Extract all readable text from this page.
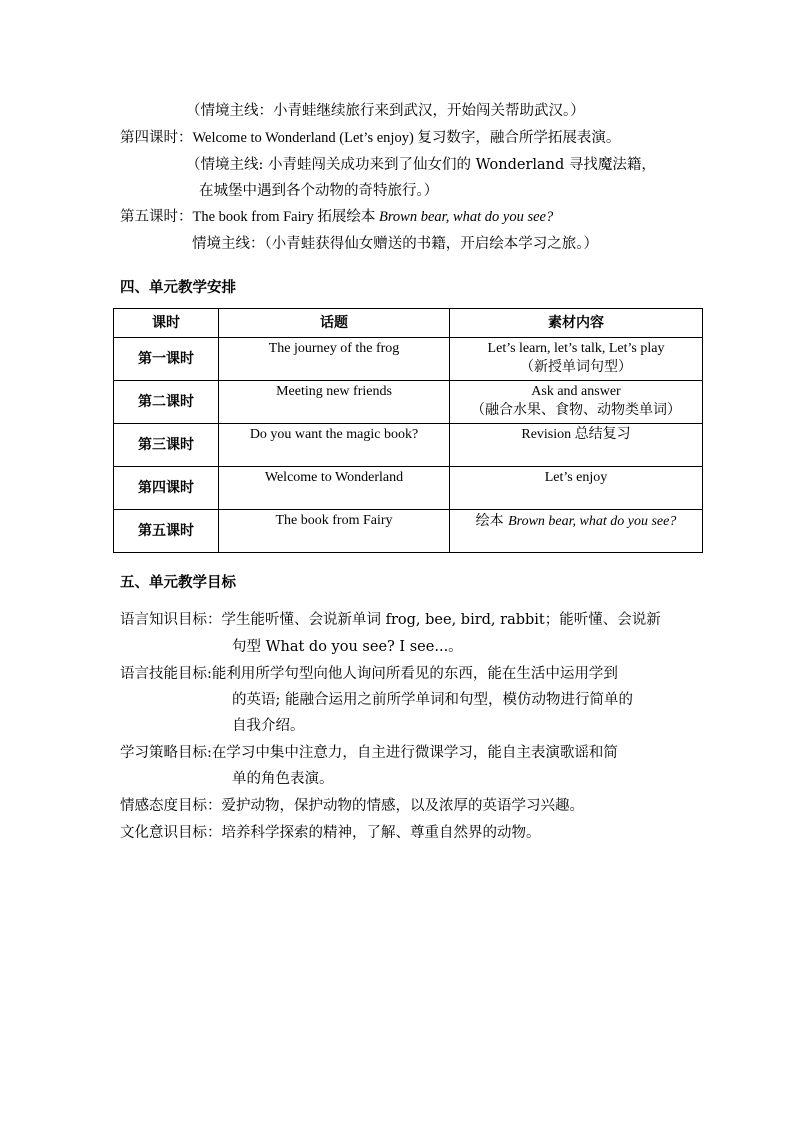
（情境主线：小青蛙继续旅行来到武汉，开始闯关帮助武汉。）
第四课时：Welcome to Wonderland (Let’s enjoy) 复习数字，融合所学拓展表演。
（情境主线: 小青蛙闯关成功来到了仙女们的 Wonderland 寻找魔法籍，
在城堡中遇到各个动物的奇特旅行。）
第五课时：The book from Fairy 拓展绘本 Brown bear, what do you see?
情境主线：（小青蛙获得仙女赠送的书籍，开启绘本学习之旅。）
四、单元教学安排
课时	话题	素材内容
第一课时	The journey of the frog	Let’s learn, let’s talk, Let’s play
（新授单词句型）

第二课时	Meeting new friends	Ask and answer
（融合水果、食物、动物类单词）

第三课时	Do you want the magic book?	Revision 总结复习

第四课时	Welcome to Wonderland	Let’s enjoy

第五课时	The book from Fairy	绘本 Brown bear, what do you see?
五、单元教学目标
语言知识目标：学生能听懂、会说新单词 frog, bee, bird, rabbit；能听懂、会说新
句型 What do you see? I see...。
语言技能目标:能利用所学句型向他人询问所看见的东西，能在生活中运用学到
的英语; 能融合运用之前所学单词和句型，模仿动物进行简单的
自我介绍。
学习策略目标:在学习中集中注意力，自主进行微课学习，能自主表演歌谣和简
单的角色表演。
情感态度目标：爱护动物，保护动物的情感，以及浓厚的英语学习兴趣。
文化意识目标：培养科学探索的精神，了解、尊重自然界的动物。
